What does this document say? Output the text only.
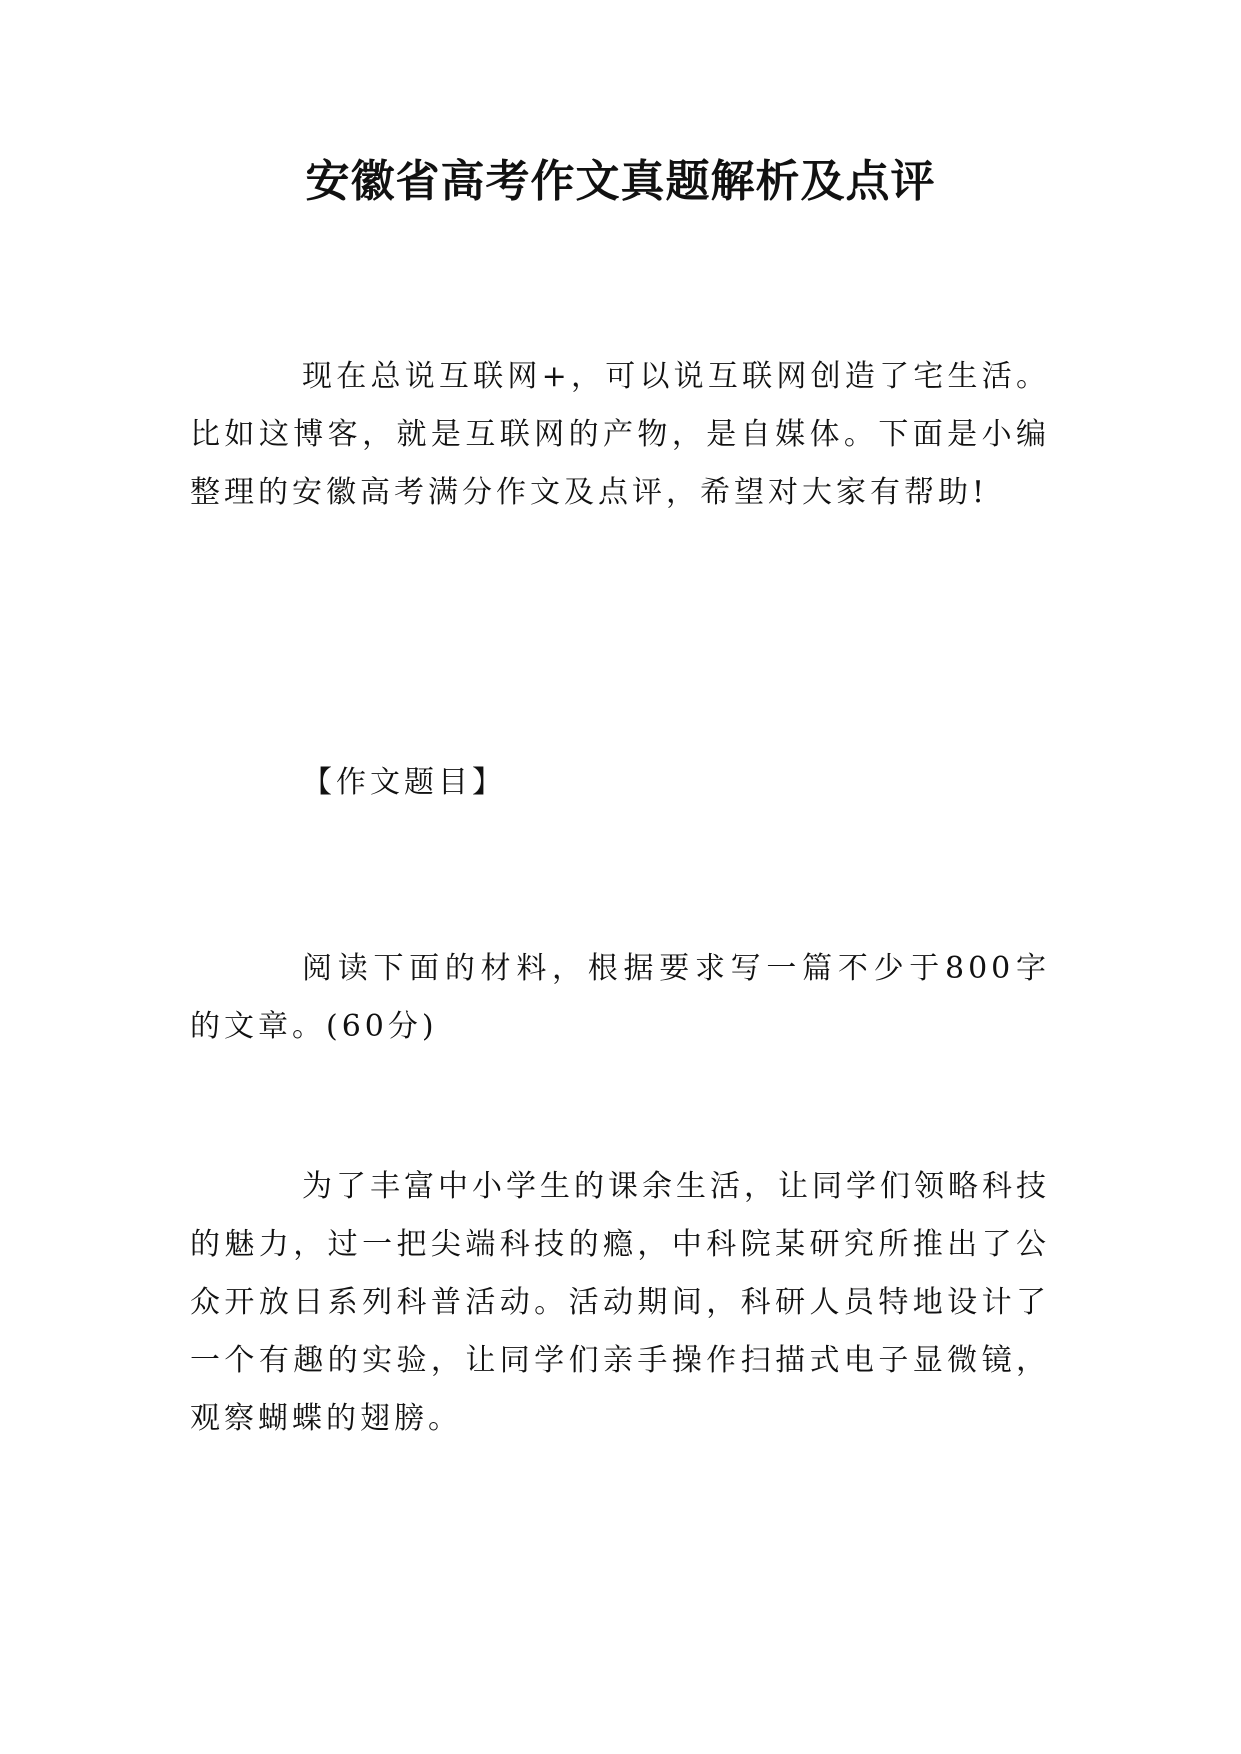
安徽省高考作文真题解析及点评
现在总说互联网+，可以说互联网创造了宅生活。比如这博客，就是互联网的产物，是自媒体。下面是小编整理的安徽高考满分作文及点评，希望对大家有帮助!
【作文题目】
阅读下面的材料，根据要求写一篇不少于800字的文章。(60分)
为了丰富中小学生的课余生活，让同学们领略科技的魅力，过一把尖端科技的瘾，中科院某研究所推出了公众开放日系列科普活动。活动期间，科研人员特地设计了一个有趣的实验，让同学们亲手操作扫描式电子显微镜，观察蝴蝶的翅膀。
